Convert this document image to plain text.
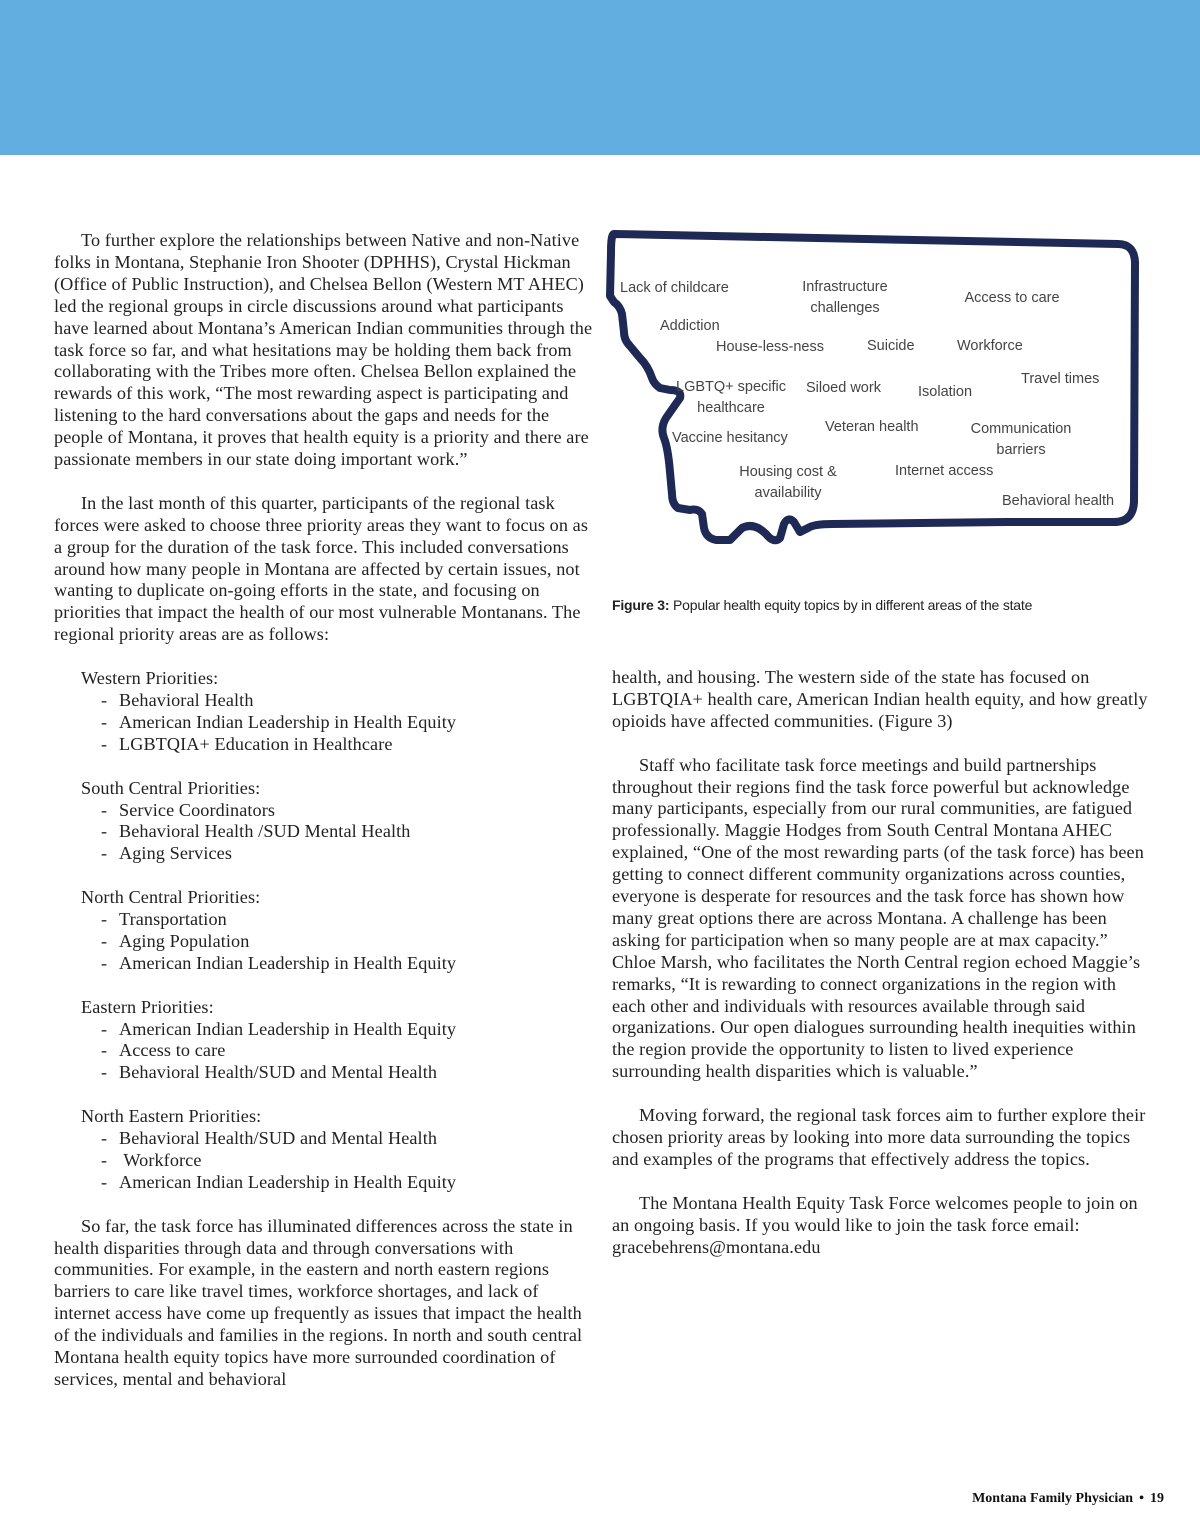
To further explore the relationships between Native and non-Native folks in Montana, Stephanie Iron Shooter (DPHHS), Crystal Hickman (Office of Public Instruction), and Chelsea Bellon (Western MT AHEC) led the regional groups in circle discussions around what participants have learned about Montana’s American Indian communities through the task force so far, and what hesitations may be holding them back from collaborating with the Tribes more often. Chelsea Bellon explained the rewards of this work, “The most rewarding aspect is participating and listening to the hard conversations about the gaps and needs for the people of Montana, it proves that health equity is a priority and there are passionate members in our state doing important work.”

In the last month of this quarter, participants of the regional task forces were asked to choose three priority areas they want to focus on as a group for the duration of the task force. This included conversations around how many people in Montana are affected by certain issues, not wanting to duplicate on-going efforts in the state, and focusing on priorities that impact the health of our most vulnerable Montanans. The regional priority areas are as follows:

Western Priorities:
- Behavioral Health
- American Indian Leadership in Health Equity
- LGBTQIA+ Education in Healthcare
South Central Priorities:
- Service Coordinators
- Behavioral Health /SUD Mental Health
- Aging Services
North Central Priorities:
- Transportation
- Aging Population
- American Indian Leadership in Health Equity
Eastern Priorities:
- American Indian Leadership in Health Equity
- Access to care
- Behavioral Health/SUD and Mental Health
North Eastern Priorities:
- Behavioral Health/SUD and Mental Health
-  Workforce
- American Indian Leadership in Health Equity

So far, the task force has illuminated differences across the state in health disparities through data and through conversations with communities. For example, in the eastern and north eastern regions barriers to care like travel times, workforce shortages, and lack of internet access have come up frequently as issues that impact the health of the individuals and families in the regions. In north and south central Montana health equity topics have more surrounded coordination of services, mental and behavioral

Lack of childcare	Infrastructure challenges
Access to care
Addiction
House-less-ness	Suicide	Workforce
Travel times
LGBTQ+ specific healthcare
Siloed work	Isolation
Veteran health	Communication barriers
Vaccine hesitancy
Housing cost & availability
Internet access
Behavioral health
Figure 3: Popular health equity topics by in different areas of the state

health, and housing. The western side of the state has focused on LGBTQIA+ health care, American Indian health equity, and how greatly opioids have affected communities. (Figure 3)

Staff who facilitate task force meetings and build partnerships throughout their regions find the task force powerful but acknowledge many participants, especially from our rural communities, are fatigued professionally. Maggie Hodges from South Central Montana AHEC explained, “One of the most rewarding parts (of the task force) has been getting to connect different community organizations across counties, everyone is desperate for resources and the task force has shown how many great options there are across Montana. A challenge has been asking for participation when so many people are at max capacity.” Chloe Marsh, who facilitates the North Central region echoed Maggie’s remarks, “It is rewarding to connect organizations in the region with each other and individuals with resources available through said organizations. Our open dialogues surrounding health inequities within the region provide the opportunity to listen to lived experience surrounding health disparities which is valuable.”

Moving forward, the regional task forces aim to further explore their chosen priority areas by looking into more data surrounding the topics and examples of the programs that effectively address the topics.

The Montana Health Equity Task Force welcomes people to join on an ongoing basis. If you would like to join the task force email: gracebehrens@montana.edu

Montana Family Physician • 19
